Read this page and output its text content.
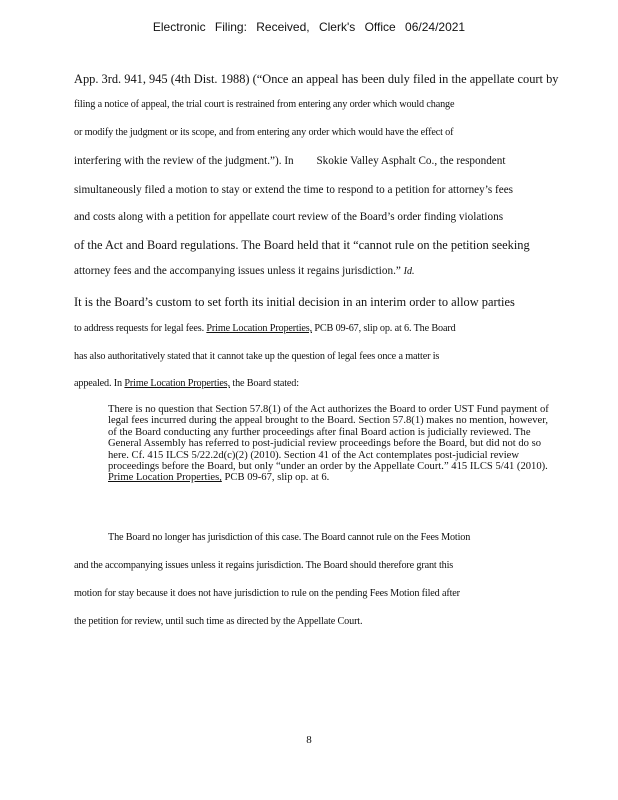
Electronic Filing: Received, Clerk's Office 06/24/2021
App. 3rd. 941, 945 (4th Dist. 1988) (“Once an appeal has been duly filed in the appellate court by
filing a notice of appeal, the trial court is restrained from entering any order which would change
or modify the judgment or its scope, and from entering any order which would have the effect of
interfering with the review of the judgment.”). In Skokie Valley Asphalt Co., the respondent
simultaneously filed a motion to stay or extend the time to respond to a petition for attorney’s fees
and costs along with a petition for appellate court review of the Board’s order finding violations
of the Act and Board regulations. The Board held that it “cannot rule on the petition seeking
attorney fees and the accompanying issues unless it regains jurisdiction.” Id.
It is the Board’s custom to set forth its initial decision in an interim order to allow parties
to address requests for legal fees. Prime Location Properties, PCB 09-67, slip op. at 6. The Board
has also authoritatively stated that it cannot take up the question of legal fees once a matter is
appealed. In Prime Location Properties, the Board stated:

There is no question that Section 57.8(1) of the Act authorizes the Board to order UST Fund payment of legal fees incurred during the appeal brought to the Board. Section 57.8(1) makes no mention, however, of the Board conducting any further proceedings after final Board action is judicially reviewed. The General Assembly has referred to post-judicial review proceedings before the Board, but did not do so here. Cf. 415 ILCS 5/22.2d(c)(2) (2010). Section 41 of the Act contemplates post-judicial review proceedings before the Board, but only “under an order by the Appellate Court.” 415 ILCS 5/41 (2010).

Prime Location Properties, PCB 09-67, slip op. at 6.

The Board no longer has jurisdiction of this case. The Board cannot rule on the Fees Motion
and the accompanying issues unless it regains jurisdiction. The Board should therefore grant this
motion for stay because it does not have jurisdiction to rule on the pending Fees Motion filed after
the petition for review, until such time as directed by the Appellate Court.
8
